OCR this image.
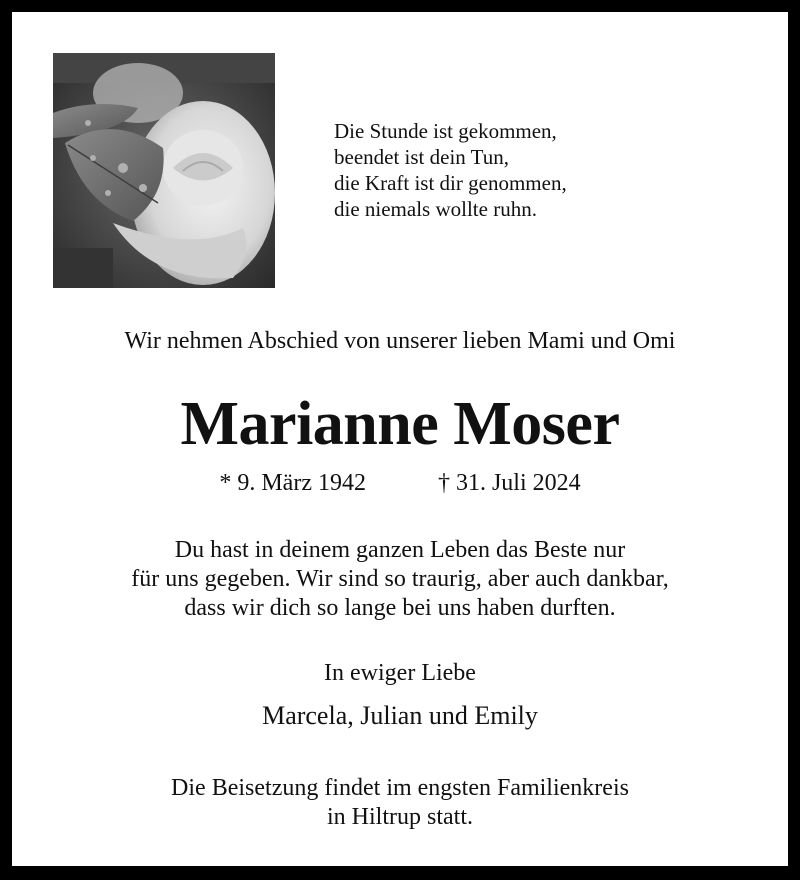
Die Stunde ist gekommen,
beendet ist dein Tun,
die Kraft ist dir genommen,
die niemals wollte ruhn.
Wir nehmen Abschied von unserer lieben Mami und Omi
Marianne Moser
* 9. März 1942	† 31. Juli 2024
Du hast in deinem ganzen Leben das Beste nur
für uns gegeben. Wir sind so traurig, aber auch dankbar,
dass wir dich so lange bei uns haben durften.
In ewiger Liebe
Marcela, Julian und Emily
Die Beisetzung findet im engsten Familienkreis
in Hiltrup statt.
